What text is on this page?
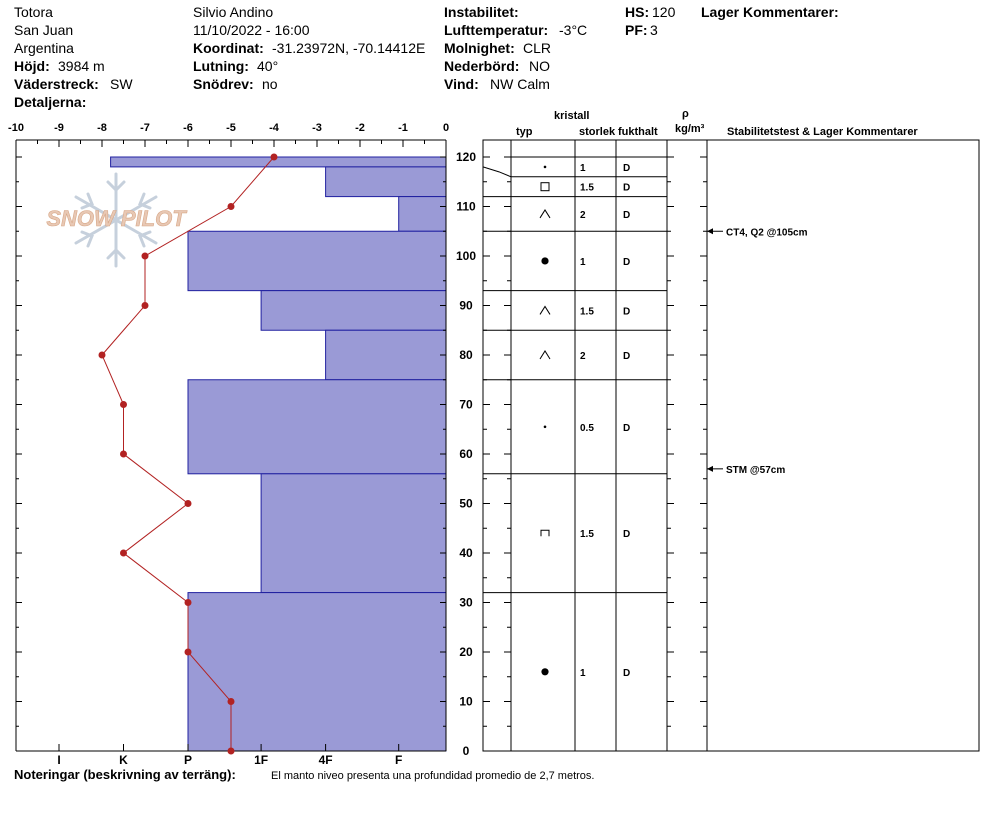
Totora
San Juan
Argentina
Höjd: 3984 m
Väderstreck: SW
Detaljerna:
Silvio Andino
11/10/2022 - 16:00
Koordinat: -31.23972N, -70.14412E
Lutning: 40°
Snödrev: no
Instabilitet:
Lufttemperatur: -3°C
Molnighet: CLR
Nederbörd: NO
Vind: NW Calm
HS: 120
PF: 3
Lager Kommentarer:
SNOW PILOT
-10	-9	-8	-7	-6	-5	-4	-3	-2	-1	0
0
10
20
30
40
50
60
70
80
90
100
110
120
I	K	P	1F	4F	F
1	D
1.5	D
2	D
1	D
1.5	D
2	D
0.5	D
1.5	D
1	D
CT4, Q2 @105cm
STM @57cm
kristall
typ	storlek fukthalt
ρ
kg/m³ Stabilitetstest & Lager Kommentarer
Noteringar (beskrivning av terräng):	El manto niveo presenta una profundidad promedio de 2,7 metros.
